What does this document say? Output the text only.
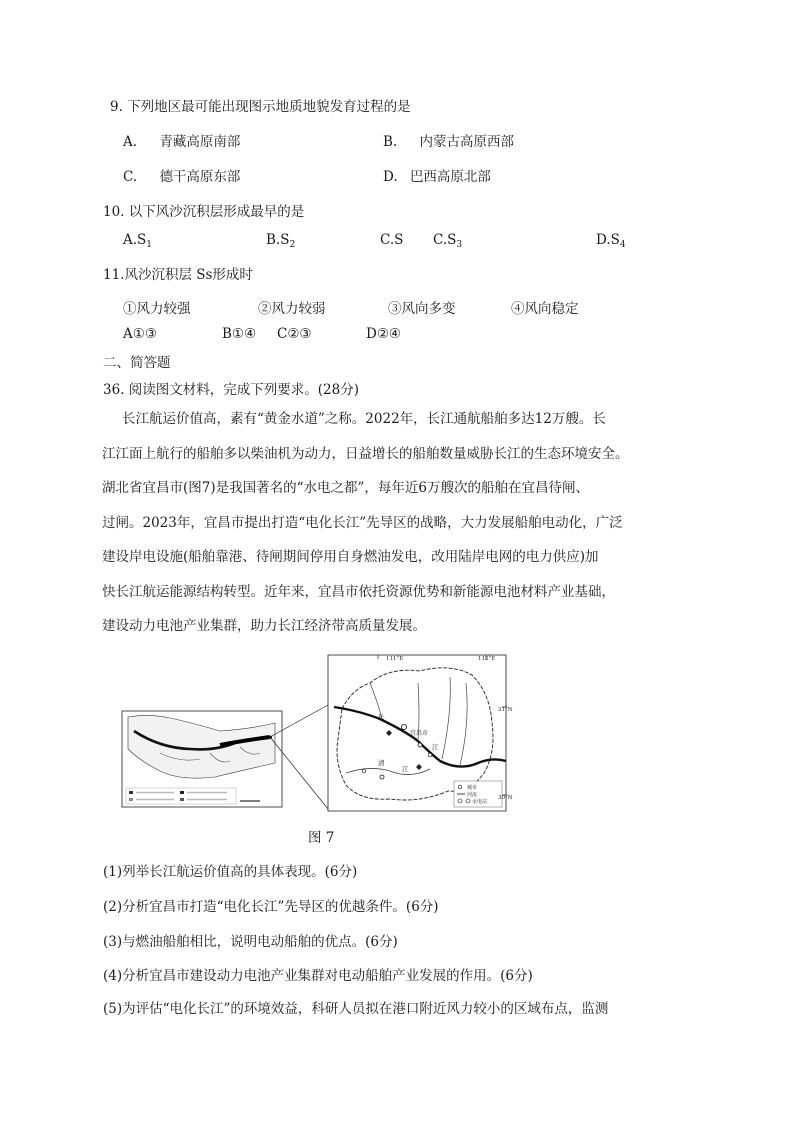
9. 下列地区最可能出现图示地质地貌发育过程的是
A. 青藏高原南部	B. 内蒙古高原西部
C. 德干高原东部	D. 巴西高原北部
10. 以下风沙沉积层形成最早的是
$A.S_1$	$B.S_2$	C.S $C.S_3$	$D.S_4$
11.风沙沉积层 Ss形成时
①风力较强	②风力较弱	③风向多变	④风向稳定
A①③	B①④ C②③	D②④
二、简答题
36. 阅读图文材料，完成下列要求。(28分)
长江航运价值高，素有“黄金水道”之称。2022年，长江通航船舶多达12万艘。长
江江面上航行的船舶多以柴油机为动力，日益增长的船舶数量威胁长江的生态环境安全。
湖北省宜昌市(图7)是我国著名的“水电之都”，每年近6万艘次的船舶在宜昌待闸、
过闸。2023年，宜昌市提出打造“电化长江”先导区的战略，大力发展船舶电动化，广泛
建设岸电设施(船舶靠港、待闸期间停用自身燃油发电，改用陆岸电网的电力供应)加
快长江航运能源结构转型。近年来，宜昌市依托资源优势和新能源电池材料产业基础，
建设动力电池产业集群，助力长江经济带高质量发展。
111°E	112°E
31°N
30°N
宜昌市
长
江
清
江
城市
河流
水电站
图 7
(1)列举长江航运价值高的具体表现。(6分)
(2)分析宜昌市打造“电化长江”先导区的优越条件。(6分)
(3)与燃油船舶相比，说明电动船舶的优点。(6分)
(4)分析宜昌市建设动力电池产业集群对电动船舶产业发展的作用。(6分)
(5)为评估“电化长江”的环境效益，科研人员拟在港口附近风力较小的区域布点，监测
